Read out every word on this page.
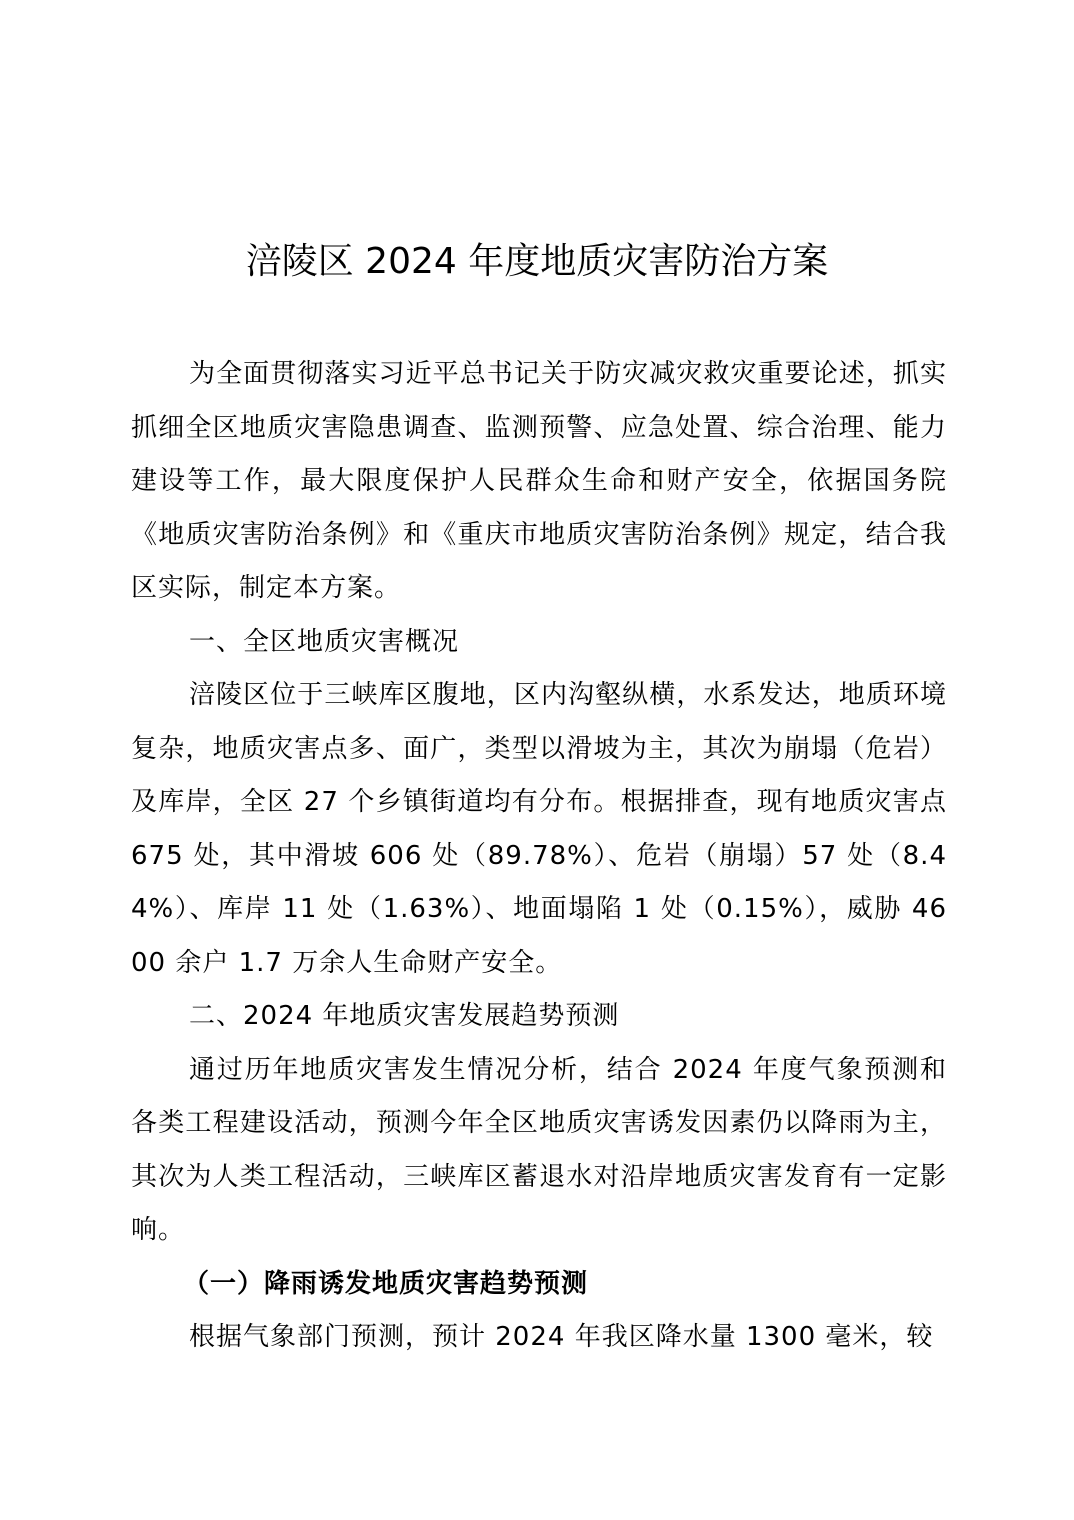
涪陵区 2024 年度地质灾害防治方案

为全面贯彻落实习近平总书记关于防灾减灾救灾重要论述，抓实抓细全区地质灾害隐患调查、监测预警、应急处置、综合治理、能力建设等工作，最大限度保护人民群众生命和财产安全，依据国务院《地质灾害防治条例》和《重庆市地质灾害防治条例》规定，结合我区实际，制定本方案。

一、全区地质灾害概况

涪陵区位于三峡库区腹地，区内沟壑纵横，水系发达，地质环境复杂，地质灾害点多、面广，类型以滑坡为主，其次为崩塌（危岩）及库岸，全区 27 个乡镇街道均有分布。根据排查，现有地质灾害点 675 处，其中滑坡 606 处（89.78%）、危岩（崩塌）57 处（8.44%）、库岸 11 处（1.63%）、地面塌陷 1 处（0.15%），威胁 4600 余户 1.7 万余人生命财产安全。

二、2024 年地质灾害发展趋势预测

通过历年地质灾害发生情况分析，结合 2024 年度气象预测和各类工程建设活动，预测今年全区地质灾害诱发因素仍以降雨为主，其次为人类工程活动，三峡库区蓄退水对沿岸地质灾害发育有一定影响。

（一）降雨诱发地质灾害趋势预测

根据气象部门预测，预计 2024 年我区降水量 1300 毫米，较
